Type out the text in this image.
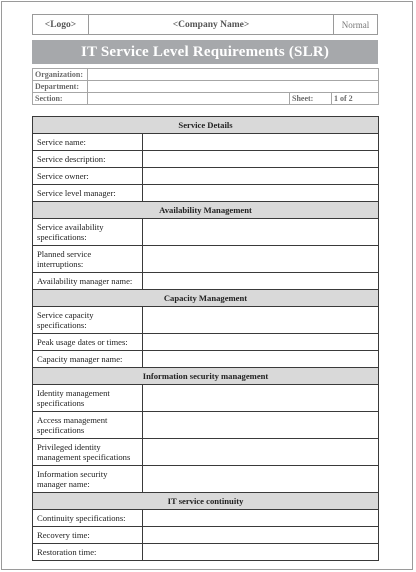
<Logo>	<Company Name>	Normal
IT Service Level Requirements (SLR)
Organization:			
Department:			
Section:		Sheet:	1 of 2
Service Details	
Service name:	
Service description:	
Service owner:	
Service level manager:	
Availability Management	
Service availability specifications:	
Planned service interruptions:	
Availability manager name:	
Capacity Management	
Service capacity specifications:	
Peak usage dates or times:	
Capacity manager name:	
Information security management	
Identity management specifications	
Access management specifications	
Privileged identity management specifications	
Information security manager name:	
IT service continuity	
Continuity specifications:	
Recovery time:	
Restoration time:	
